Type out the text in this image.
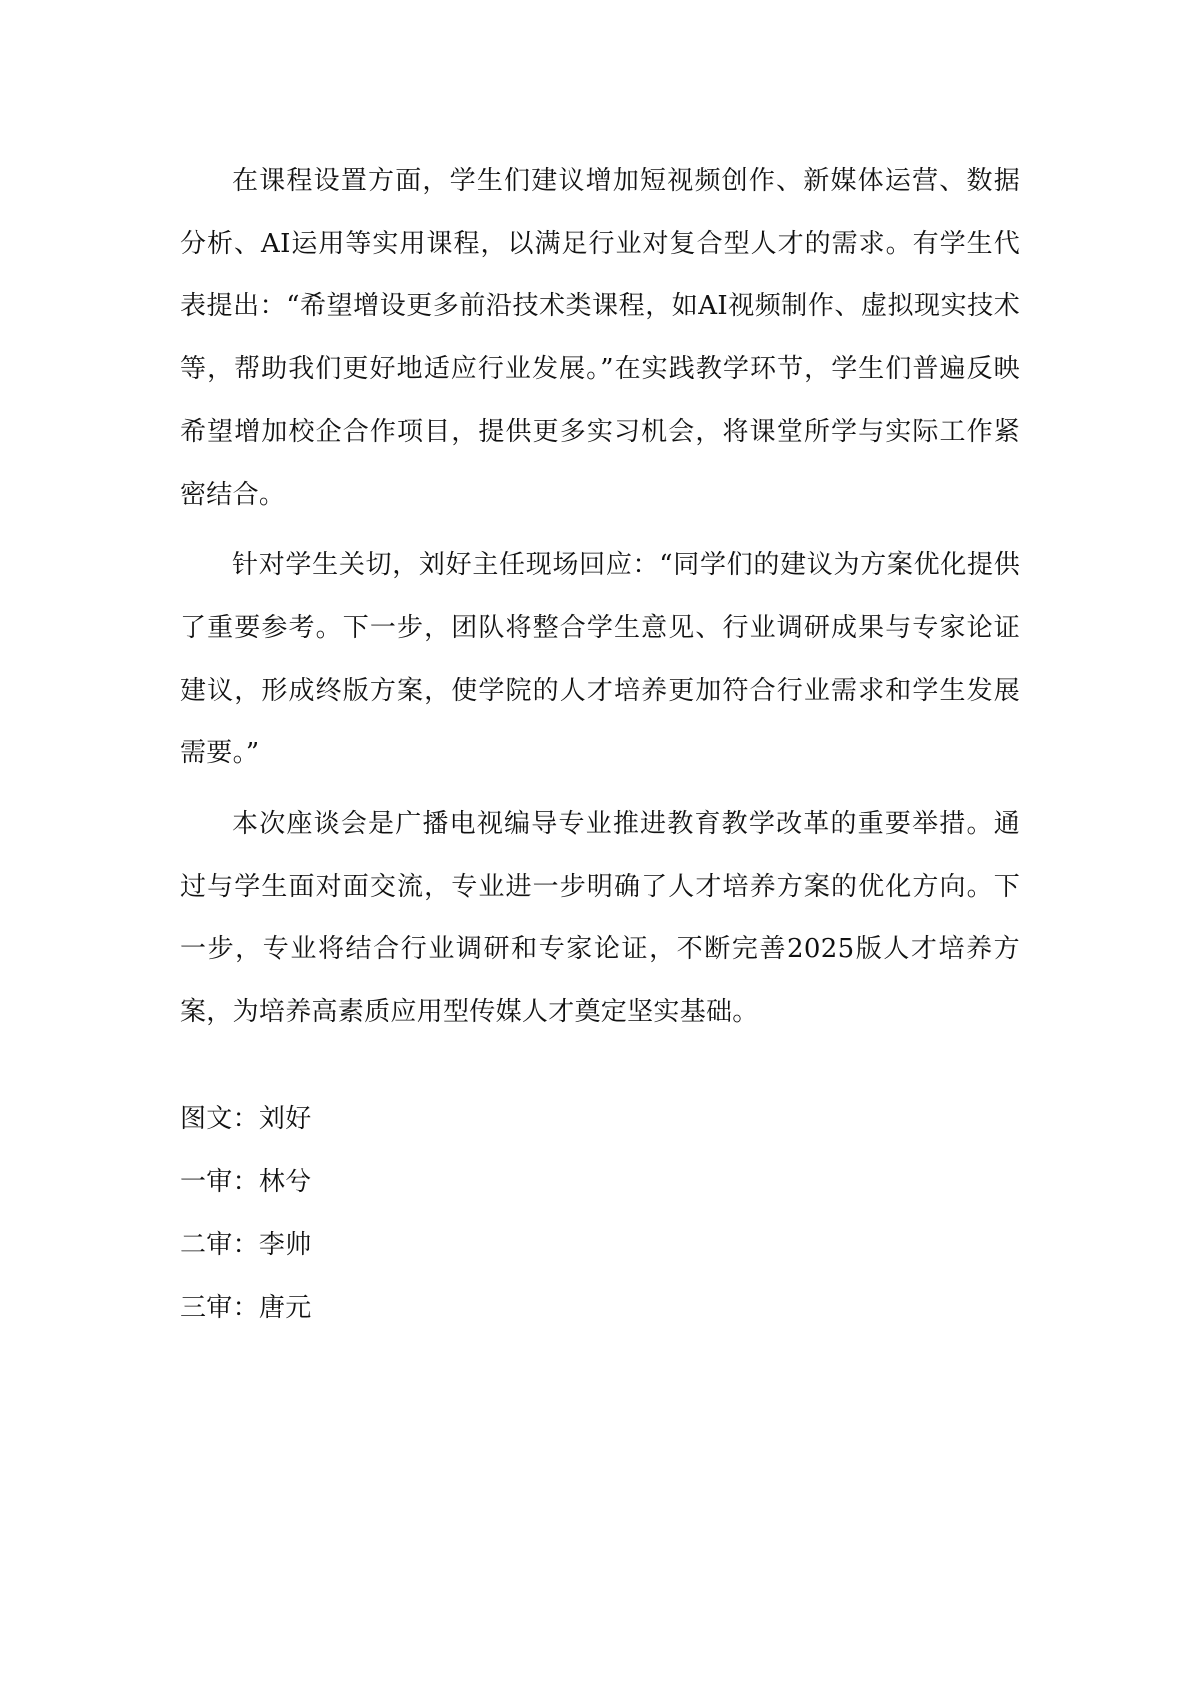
在课程设置方面，学生们建议增加短视频创作、新媒体运营、数据分析、AI运用等实用课程，以满足行业对复合型人才的需求。有学生代表提出：“希望增设更多前沿技术类课程，如AI视频制作、虚拟现实技术等，帮助我们更好地适应行业发展。”在实践教学环节，学生们普遍反映希望增加校企合作项目，提供更多实习机会，将课堂所学与实际工作紧密结合。

针对学生关切，刘好主任现场回应：“同学们的建议为方案优化提供了重要参考。下一步，团队将整合学生意见、行业调研成果与专家论证建议，形成终版方案，使学院的人才培养更加符合行业需求和学生发展需要。”

本次座谈会是广播电视编导专业推进教育教学改革的重要举措。通过与学生面对面交流，专业进一步明确了人才培养方案的优化方向。下一步，专业将结合行业调研和专家论证，不断完善2025版人才培养方案，为培养高素质应用型传媒人才奠定坚实基础。

图文：刘好
一审：林兮
二审：李帅
三审：唐元
